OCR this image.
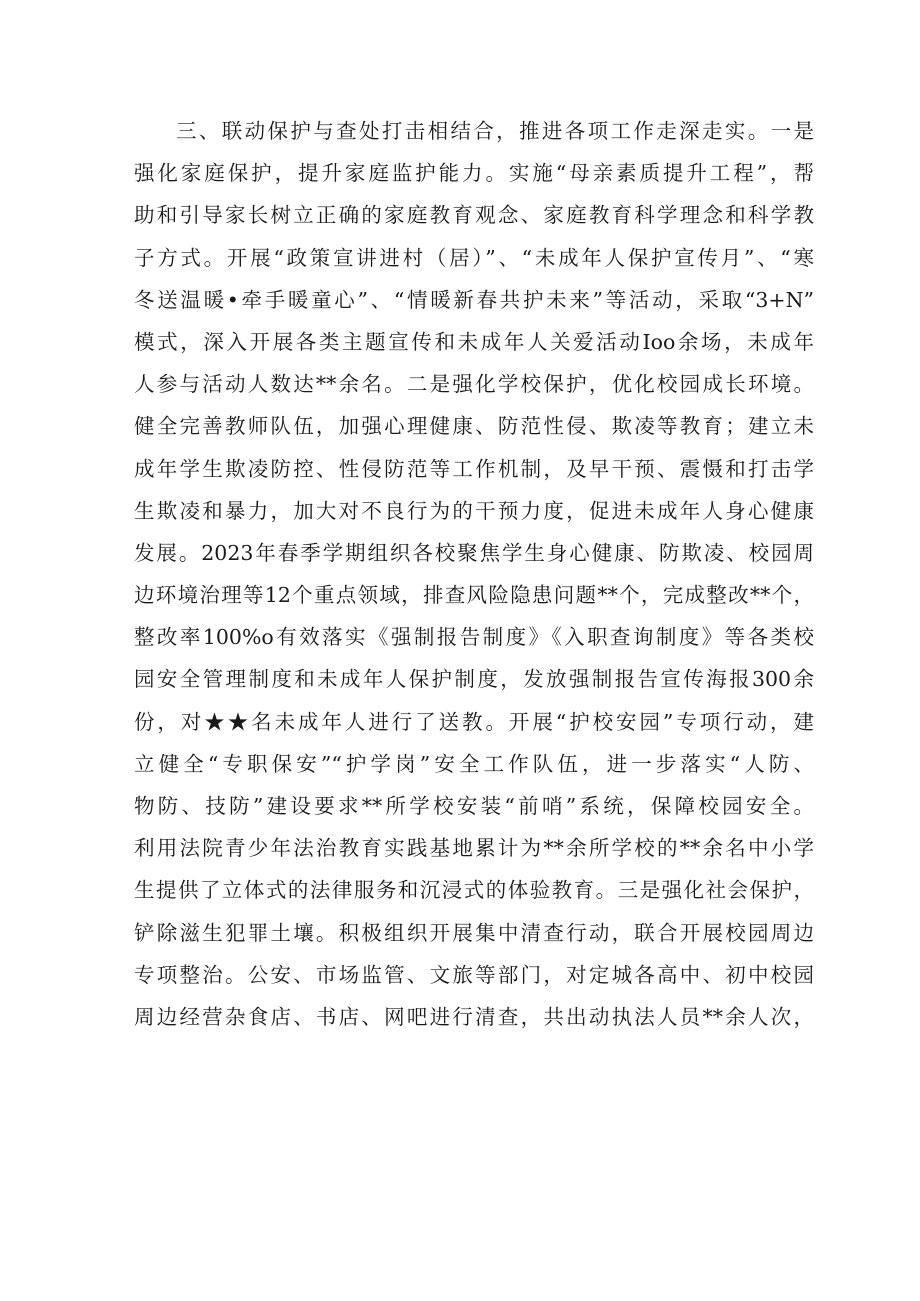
三、联动保护与查处打击相结合，推进各项工作走深走实。一是
强化家庭保护，提升家庭监护能力。实施“母亲素质提升工程”，帮
助和引导家长树立正确的家庭教育观念、家庭教育科学理念和科学教
子方式。开展“政策宣讲进村（居）”、“未成年人保护宣传月”、“寒
冬送温暖•牵手暖童心”、“情暖新春共护未来”等活动，采取“3+N”
模式，深入开展各类主题宣传和未成年人关爱活动Ioo余场，未成年
人参与活动人数达**余名。二是强化学校保护，优化校园成长环境。
健全完善教师队伍，加强心理健康、防范性侵、欺凌等教育；建立未
成年学生欺凌防控、性侵防范等工作机制，及早干预、震慑和打击学
生欺凌和暴力，加大对不良行为的干预力度，促进未成年人身心健康
发展。2023年春季学期组织各校聚焦学生身心健康、防欺凌、校园周
边环境治理等12个重点领域，排查风险隐患问题**个，完成整改**个，
整改率100%o有效落实《强制报告制度》《入职查询制度》等各类校
园安全管理制度和未成年人保护制度，发放强制报告宣传海报300余
份，对★★名未成年人进行了送教。开展“护校安园”专项行动，建
立健全“专职保安”“护学岗”安全工作队伍，进一步落实“人防、
物防、技防”建设要求**所学校安装“前哨”系统，保障校园安全。
利用法院青少年法治教育实践基地累计为**余所学校的**余名中小学
生提供了立体式的法律服务和沉浸式的体验教育。三是强化社会保护，
铲除滋生犯罪土壤。积极组织开展集中清查行动，联合开展校园周边
专项整治。公安、市场监管、文旅等部门，对定城各高中、初中校园
周边经营杂食店、书店、网吧进行清查，共出动执法人员**余人次，
